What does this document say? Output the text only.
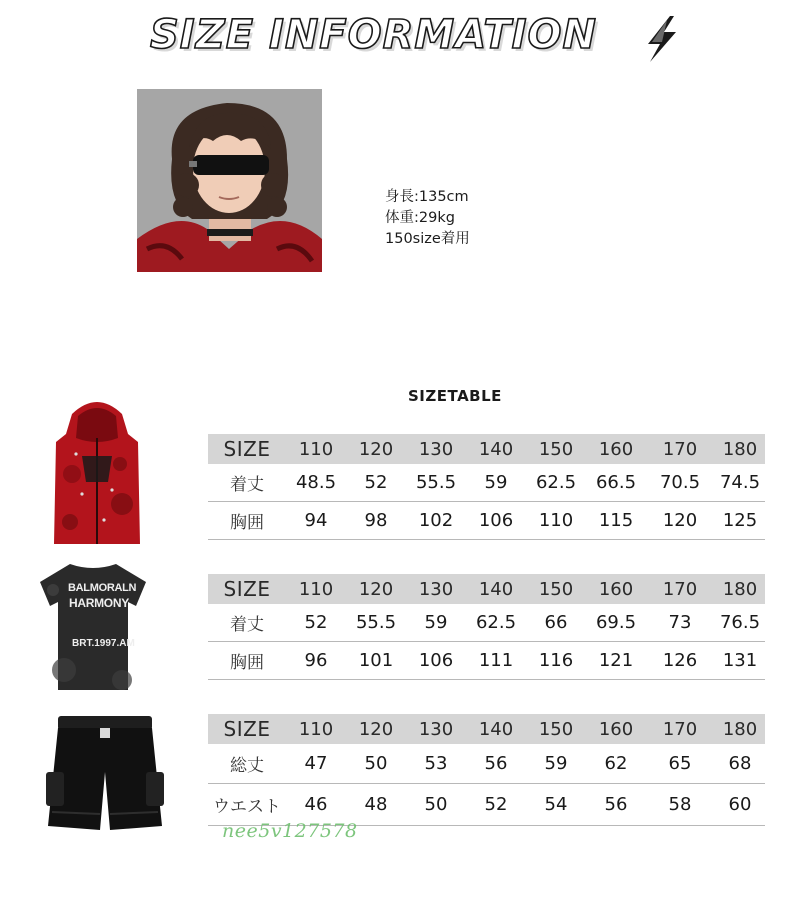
SIZE INFORMATION
身長:135cm
体重:29kg
150size着用
SIZETABLE
BALMORALN
HARMONY
BRT.1997.AM
SIZE	110	120	130	140	150	160	170	180
着丈	48.5	52	55.5	59	62.5	66.5	70.5	74.5
胸囲	94	98	102	106	110	115	120	125
SIZE	110	120	130	140	150	160	170	180
着丈	52	55.5	59	62.5	66	69.5	73	76.5
胸囲	96	101	106	111	116	121	126	131
SIZE	110	120	130	140	150	160	170	180
総丈	47	50	53	56	59	62	65	68
ウエスト	46	48	50	52	54	56	58	60
nee5v127578
